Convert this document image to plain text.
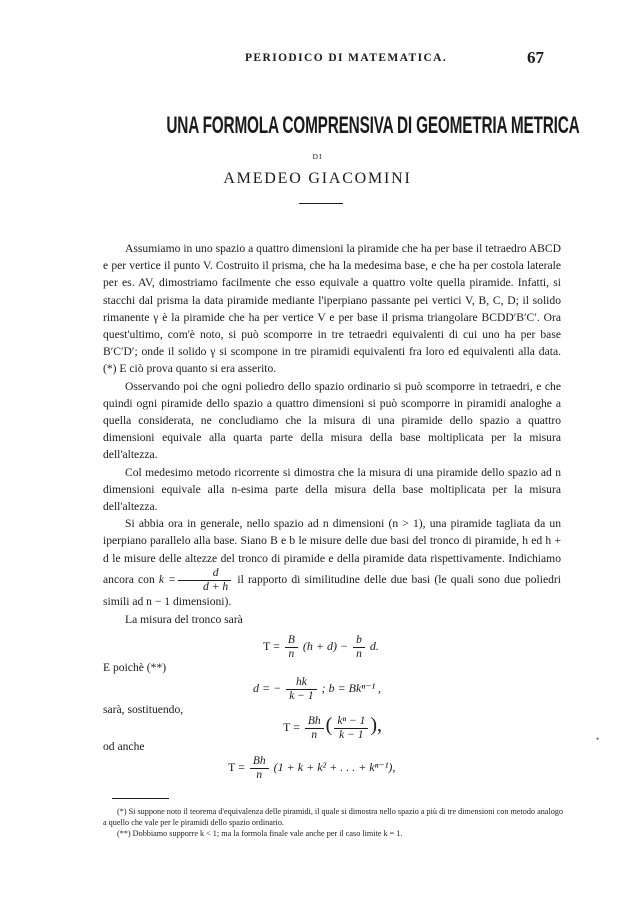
PERIODICO DI MATEMATICA.	67
UNA FORMOLA COMPRENSIVA DI GEOMETRIA METRICA
DI
AMEDEO GIACOMINI

Assumiamo in uno spazio a quattro dimensioni la piramide che ha per base il tetraedro ABCD e per vertice il punto V. Costruito il prisma, che ha la medesima base, e che ha per costola laterale per es. AV, dimostriamo facilmente che esso equivale a quattro volte quella piramide. Infatti, si stacchi dal prisma la data piramide mediante l'iperpiano passante pei vertici V, B, C, D; il solido rimanente γ è la piramide che ha per vertice V e per base il prisma triangolare BCDD′B′C′. Ora quest'ultimo, com'è noto, si può scomporre in tre tetraedri equivalenti di cui uno ha per base B′C′D′; onde il solido γ si scompone in tre piramidi equivalenti fra loro ed equivalenti alla data. (*) E ciò prova quanto si era asserito.

Osservando poi che ogni poliedro dello spazio ordinario si può scomporre in tetraedri, e che quindi ogni piramide dello spazio a quattro dimensioni si può scomporre in piramidi analoghe a quella considerata, ne concludiamo che la misura di una piramide dello spazio a quattro dimensioni equivale alla quarta parte della misura della base moltiplicata per la misura dell'altezza.

Col medesimo metodo ricorrente si dimostra che la misura di una piramide dello spazio ad n dimensioni equivale alla n-esima parte della misura della base moltiplicata per la misura dell'altezza.

Si abbia ora in generale, nello spazio ad n dimensioni (n > 1), una piramide tagliata da un iperpiano parallelo alla base. Siano B e b le misure delle due basi del tronco di piramide, h ed h + d le misure delle altezze del tronco di piramide e della piramide data rispettivamente. Indichiamo ancora con $k = \frac{d}{d + h}$ il rapporto di similitudine delle due basi (le quali sono due poliedri simili ad n − 1 dimensioni).

La misura del tronco sarà

$T = \frac{B}{n} (h + d) - \frac{b}{n} d$.
E poichè (**)
d = − $\frac{hk}{k - 1}$ ; b = Bkⁿ⁻¹ ,
sarà, sostituendo,
$T = \frac{Bh}{n}$ ( $\frac{\text{kⁿ − 1}}{k - 1}$ ),
od anche
$T = \frac{Bh}{n} (1 + k + k^2$ + . . . + kⁿ⁻¹),
•

(*) Si suppone noto il teorema d'equivalenza delle piramidi, il quale si dimostra nello spazio a più di tre dimensioni con metodo analogo a quello che vale per le piramidi dello spazio ordinario.

(**) Dobbiamo supporre k < 1; ma la formola finale vale anche per il caso limite k = 1.
